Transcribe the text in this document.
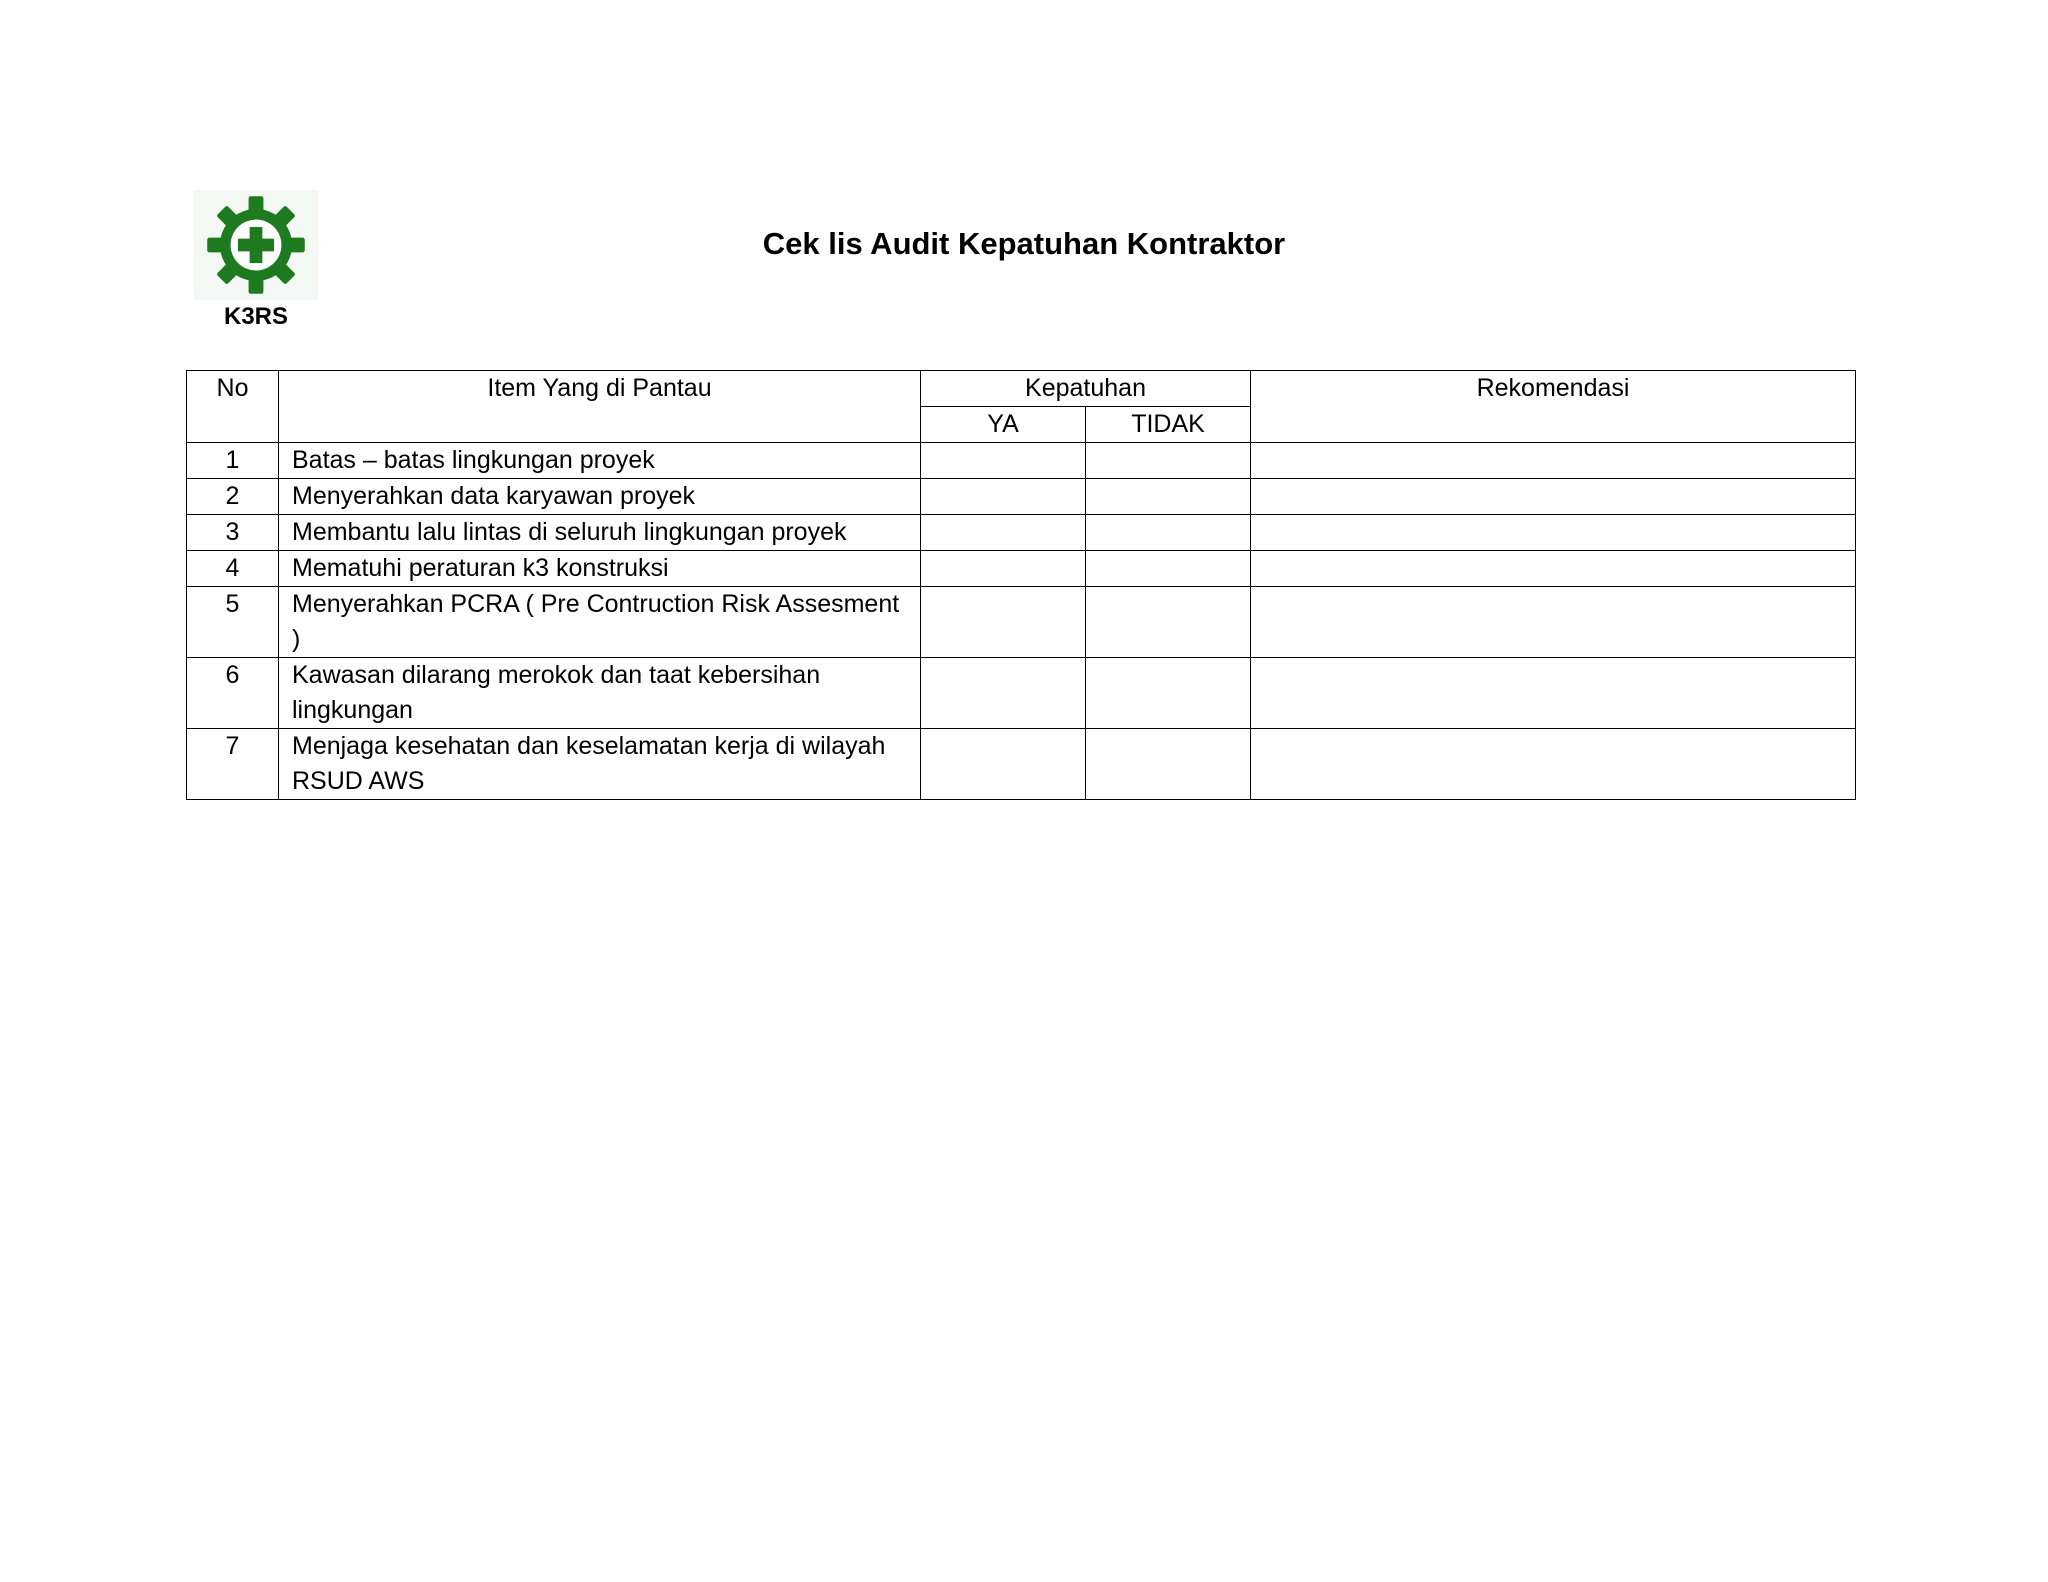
K3RS
Cek lis Audit Kepatuhan Kontraktor
No	Item Yang di Pantau	Kepatuhan		Rekomendasi
		YA	TIDAK	
1	Batas – batas lingkungan proyek			
2	Menyerahkan data karyawan proyek			
3	Membantu lalu lintas di seluruh lingkungan proyek			
4	Mematuhi peraturan k3 konstruksi			
5	Menyerahkan PCRA ( Pre Contruction Risk Assesment )			
6	Kawasan dilarang merokok dan taat kebersihan lingkungan			
7	Menjaga kesehatan dan keselamatan kerja di wilayah RSUD AWS			
